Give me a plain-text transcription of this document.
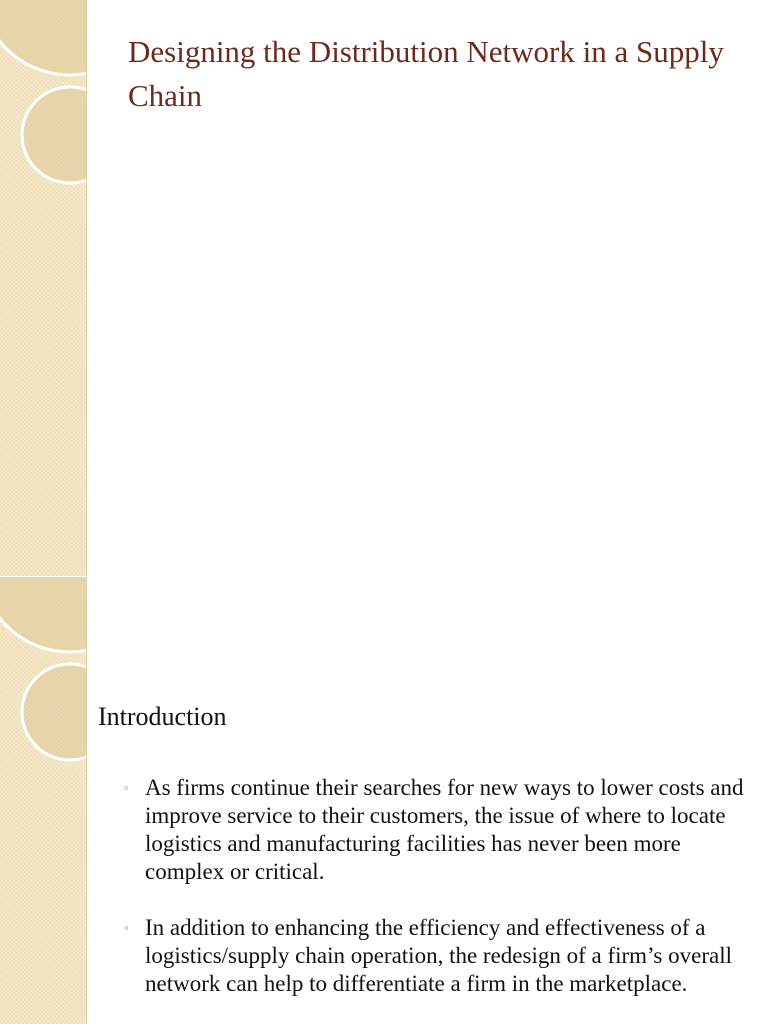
Designing the Distribution Network in a Supply Chain
Introduction
◦ As firms continue their searches for new ways to lower costs and improve service to their customers, the issue of where to locate logistics and manufacturing facilities has never been more complex or critical.
◦ In addition to enhancing the efficiency and effectiveness of a logistics/supply chain operation, the redesign of a firm’s overall network can help to differentiate a firm in the marketplace.
